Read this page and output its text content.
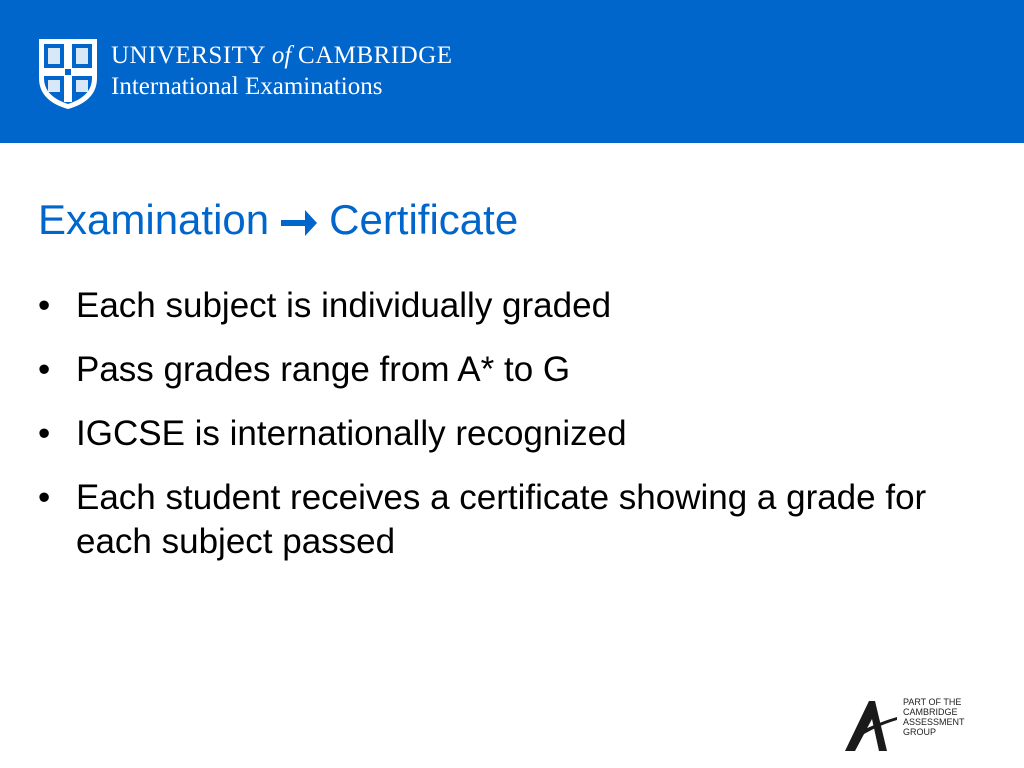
UNIVERSITY of CAMBRIDGE
International Examinations
Examination Certificate
• Each subject is individually graded
• Pass grades range from A* to G
• IGCSE is internationally recognized
• Each student receives a certificate showing a grade for each subject passed
PART OF THE
CAMBRIDGE ASSESSMENT
GROUP
